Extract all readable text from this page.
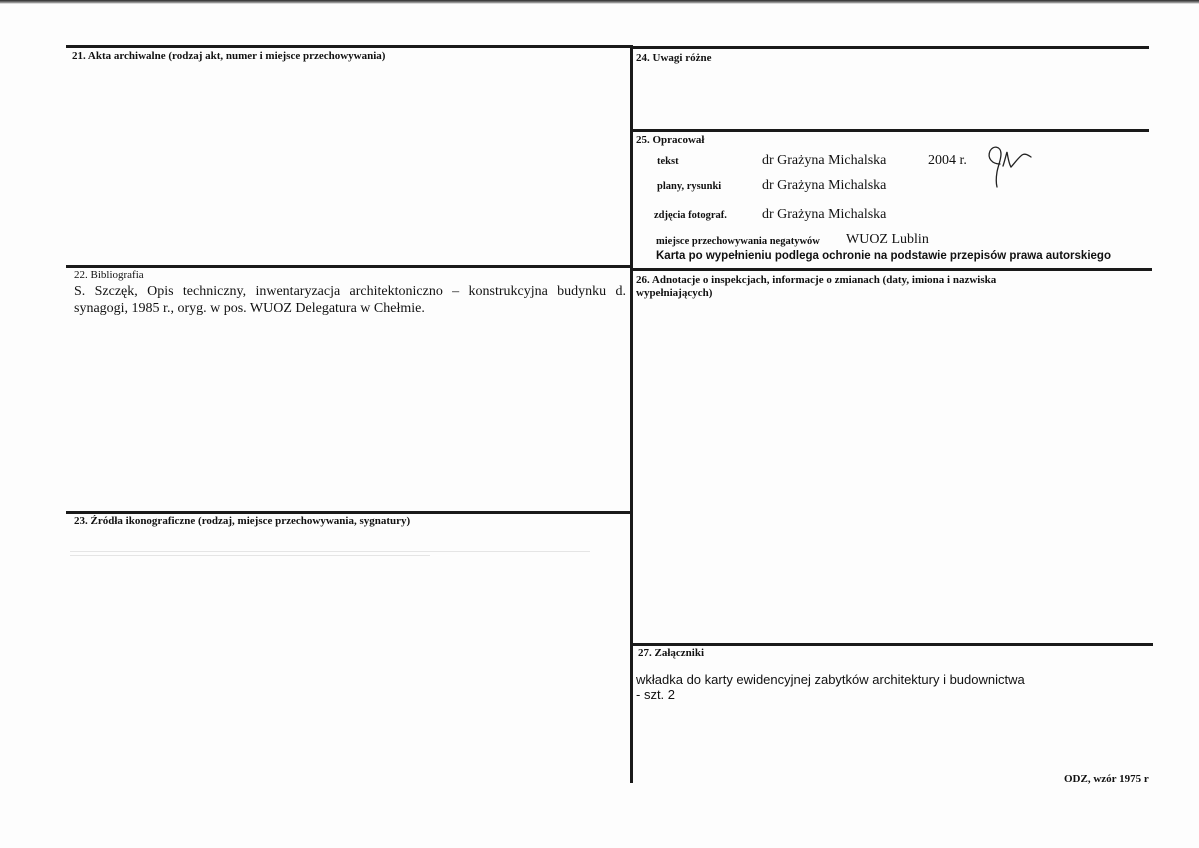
21. Akta archiwalne (rodzaj akt, numer i miejsce przechowywania)
22. Bibliografia
S. Szczęk, Opis techniczny, inwentaryzacja architektoniczno – konstrukcyjna budynku d. synagogi, 1985 r., oryg. w pos. WUOZ Delegatura w Chełmie.
23. Źródła ikonograficzne (rodzaj, miejsce przechowywania, sygnatury)
24. Uwagi różne
25. Opracował
tekst	dr Grażyna Michalska	2004 r.
plany, rysunki	dr Grażyna Michalska
zdjęcia fotograf.	dr Grażyna Michalska
miejsce przechowywania negatywów WUOZ Lublin
Karta po wypełnieniu podlega ochronie na podstawie przepisów prawa autorskiego
26. Adnotacje o inspekcjach, informacje o zmianach (daty, imiona i nazwiska wypełniających)
27. Załączniki
wkładka do karty ewidencyjnej zabytków architektury i budownictwa
- szt. 2
ODZ, wzór 1975 r
